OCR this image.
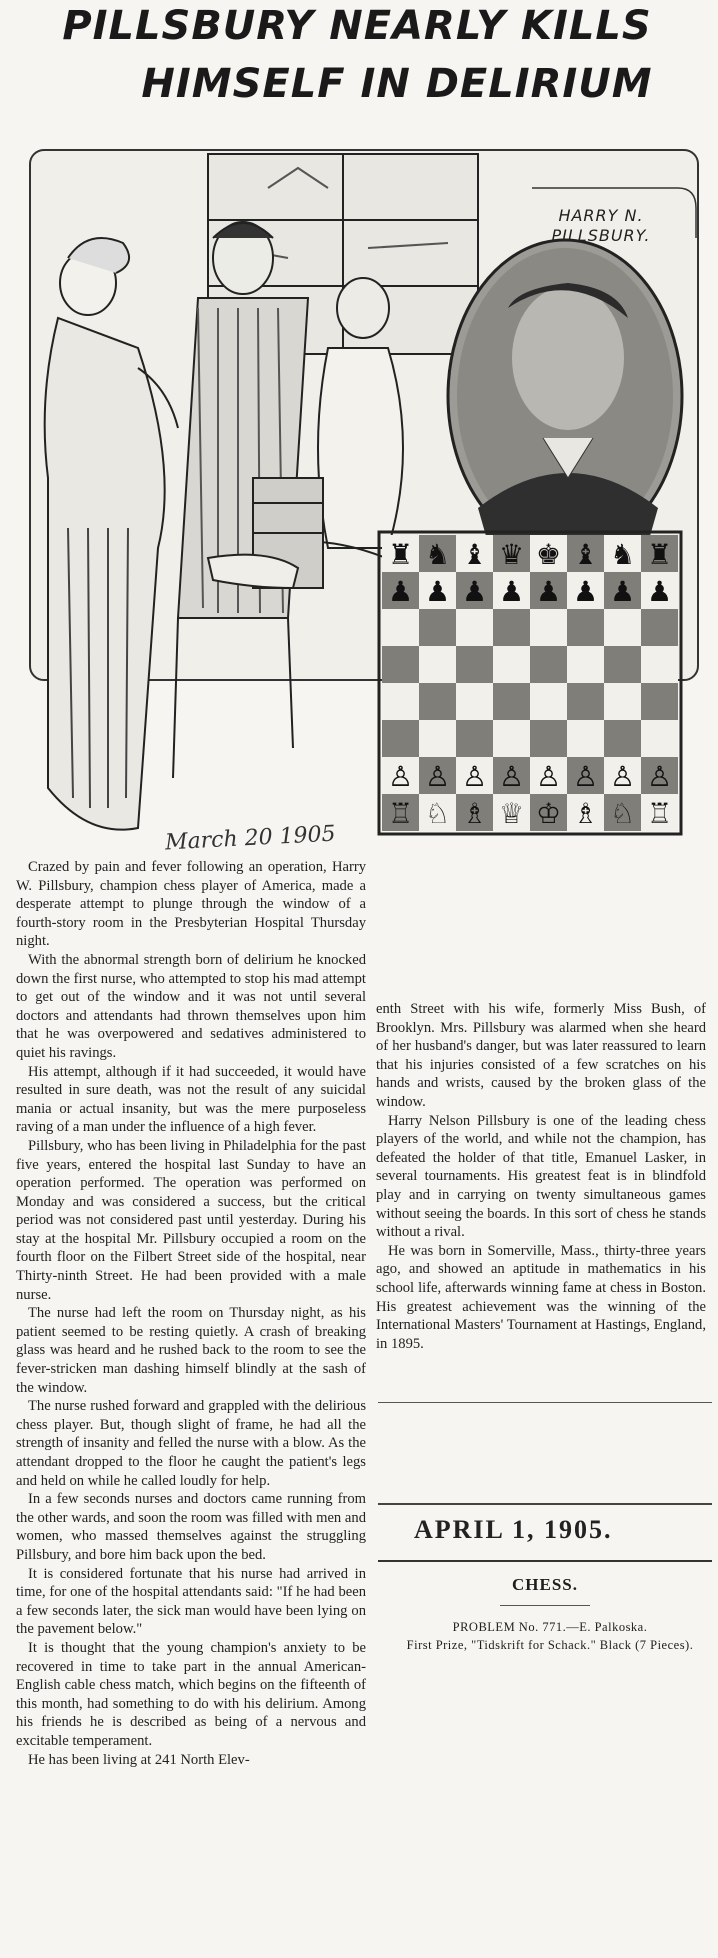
PILLSBURY NEARLY KILLS
HIMSELF IN DELIRIUM
♜ ♞ ♝ ♛ ♚ ♝ ♞ ♜
♟ ♟ ♟ ♟ ♟ ♟ ♟ ♟
♙ ♙ ♙ ♙ ♙ ♙ ♙ ♙
♖ ♘ ♗ ♕ ♔ ♗ ♘ ♖
HARRY N.
PILLSBURY.
March 20 1905

Crazed by pain and fever following an operation, Harry W. Pillsbury, champion chess player of America, made a desperate attempt to plunge through the window of a fourth-story room in the Presbyterian Hospital Thursday night.

With the abnormal strength born of delirium he knocked down the first nurse, who attempted to stop his mad attempt to get out of the window and it was not until several doctors and attendants had thrown themselves upon him that he was overpowered and sedatives administered to quiet his ravings.

His attempt, although if it had succeeded, it would have resulted in sure death, was not the result of any suicidal mania or actual insanity, but was the mere purposeless raving of a man under the influence of a high fever.

Pillsbury, who has been living in Philadelphia for the past five years, entered the hospital last Sunday to have an operation performed. The operation was performed on Monday and was considered a success, but the critical period was not considered past until yesterday. During his stay at the hospital Mr. Pillsbury occupied a room on the fourth floor on the Filbert Street side of the hospital, near Thirty-ninth Street. He had been provided with a male nurse.

The nurse had left the room on Thursday night, as his patient seemed to be resting quietly. A crash of breaking glass was heard and he rushed back to the room to see the fever-stricken man dashing himself blindly at the sash of the window.

The nurse rushed forward and grappled with the delirious chess player. But, though slight of frame, he had all the strength of insanity and felled the nurse with a blow. As the attendant dropped to the floor he caught the patient's legs and held on while he called loudly for help.

In a few seconds nurses and doctors came running from the other wards, and soon the room was filled with men and women, who massed themselves against the struggling Pillsbury, and bore him back upon the bed.

It is considered fortunate that his nurse had arrived in time, for one of the hospital attendants said: "If he had been a few seconds later, the sick man would have been lying on the pavement below."

It is thought that the young champion's anxiety to be recovered in time to take part in the annual American-English cable chess match, which begins on the fifteenth of this month, had something to do with his delirium. Among his friends he is described as being of a nervous and excitable temperament.

He has been living at 241 North Elev-

enth Street with his wife, formerly Miss Bush, of Brooklyn. Mrs. Pillsbury was alarmed when she heard of her husband's danger, but was later reassured to learn that his injuries consisted of a few scratches on his hands and wrists, caused by the broken glass of the window.

Harry Nelson Pillsbury is one of the leading chess players of the world, and while not the champion, has defeated the holder of that title, Emanuel Lasker, in several tournaments. His greatest feat is in blindfold play and in carrying on twenty simultaneous games without seeing the boards. In this sort of chess he stands without a rival.

He was born in Somerville, Mass., thirty-three years ago, and showed an aptitude in mathematics in his school life, afterwards winning fame at chess in Boston. His greatest achievement was the winning of the International Masters' Tournament at Hastings, England, in 1895.

APRIL 1, 1905.
CHESS.
PROBLEM No. 771.—E. Palkoska.
First Prize, "Tidskrift for Schack." Black (7 Pieces).
